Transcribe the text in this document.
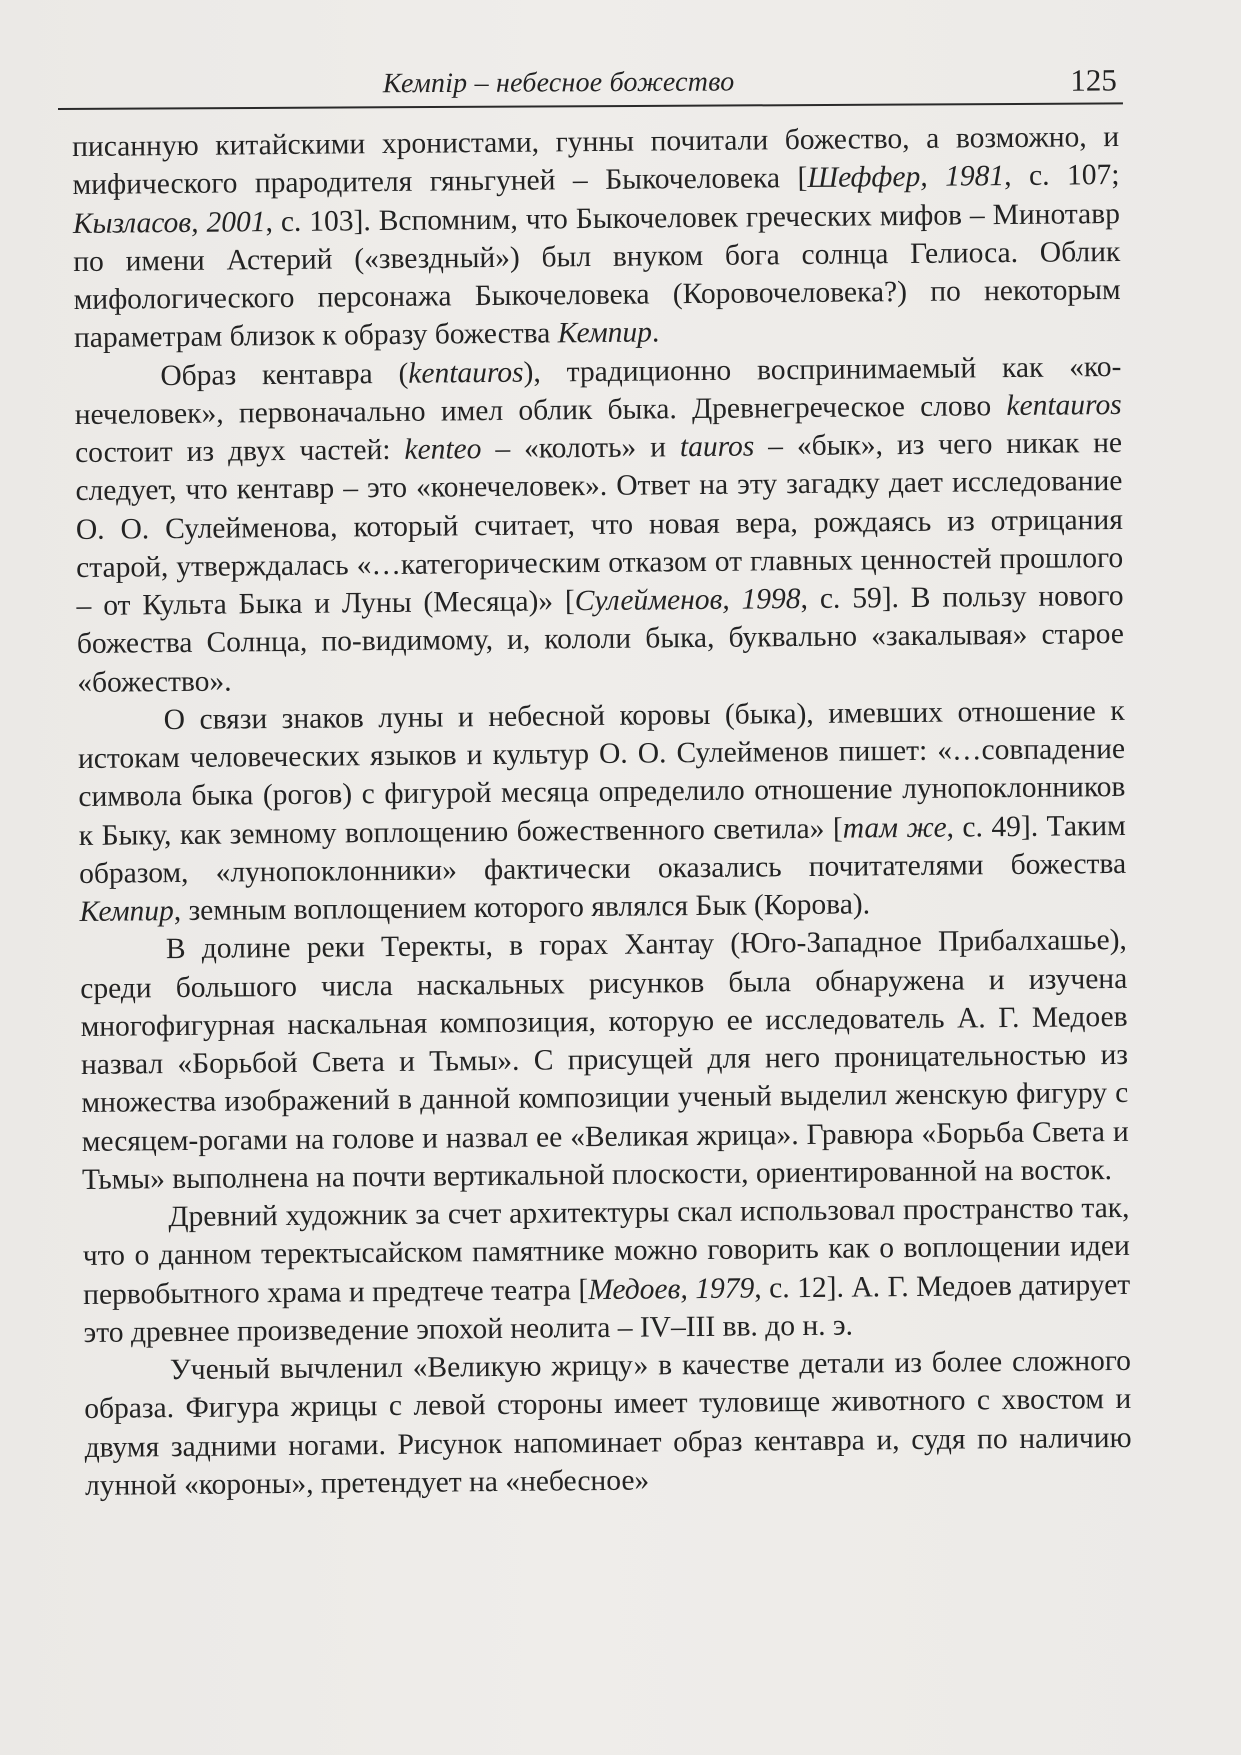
Кемпір – небесное божество	125

писанную китайскими хронистами, гунны почитали божество, а возможно, и мифического прародителя гяньгуней – Быкочеловека [Шеффер, 1981, с. 107; Кызласов, 2001, с. 103]. Вспомним, что Быкочеловек греческих мифов – Минотавр по имени Астерий («звездный») был внуком бога солнца Гелиоса. Облик мифологического персонажа Быкочеловека (Коровочеловека?) по некоторым параметрам близок к образу божества Кемпир.

Образ кентавра (kentauros), традиционно воспринимаемый как «конечеловек», первоначально имел облик быка. Древнегреческое слово kentauros состоит из двух частей: kenteo – «колоть» и tauros – «бык», из чего никак не следует, что кентавр – это «конечеловек». Ответ на эту загадку дает исследование О. О. Сулейменова, который считает, что новая вера, рождаясь из отрицания старой, утверждалась «…категорическим отказом от главных ценностей прошлого – от Культа Быка и Луны (Месяца)» [Сулейменов, 1998, с. 59]. В пользу нового божества Солнца, по-видимому, и, кололи быка, буквально «закалывая» старое «божество».

О связи знаков луны и небесной коровы (быка), имевших отношение к истокам человеческих языков и культур О. О. Сулейменов пишет: «…совпадение символа быка (рогов) с фигурой месяца определило отношение лунопоклонников к Быку, как земному воплощению божественного светила» [там же, с. 49]. Таким образом, «лунопоклонники» фактически оказались почитателями божества Кемпир, земным воплощением которого являлся Бык (Корова).

В долине реки Теректы, в горах Хантау (Юго-Западное Прибалхашье), среди большого числа наскальных рисунков была обнаружена и изучена многофигурная наскальная композиция, которую ее исследователь А. Г. Медоев назвал «Борьбой Света и Тьмы». С присущей для него проницательностью из множества изображений в данной композиции ученый выделил женскую фигуру с месяцем-рогами на голове и назвал ее «Великая жрица». Гравюра «Борьба Света и Тьмы» выполнена на почти вертикальной плоскости, ориентированной на восток.

Древний художник за счет архитектуры скал использовал пространство так, что о данном теректысайском памятнике можно говорить как о воплощении идеи первобытного храма и предтече театра [Медоев, 1979, с. 12]. А. Г. Медоев датирует это древнее произведение эпохой неолита – IV–III вв. до н. э.

Ученый вычленил «Великую жрицу» в качестве детали из более сложного образа. Фигура жрицы с левой стороны имеет туловище животного с хвостом и двумя задними ногами. Рисунок напоминает образ кентавра и, судя по наличию лунной «короны», претендует на «небесное»
